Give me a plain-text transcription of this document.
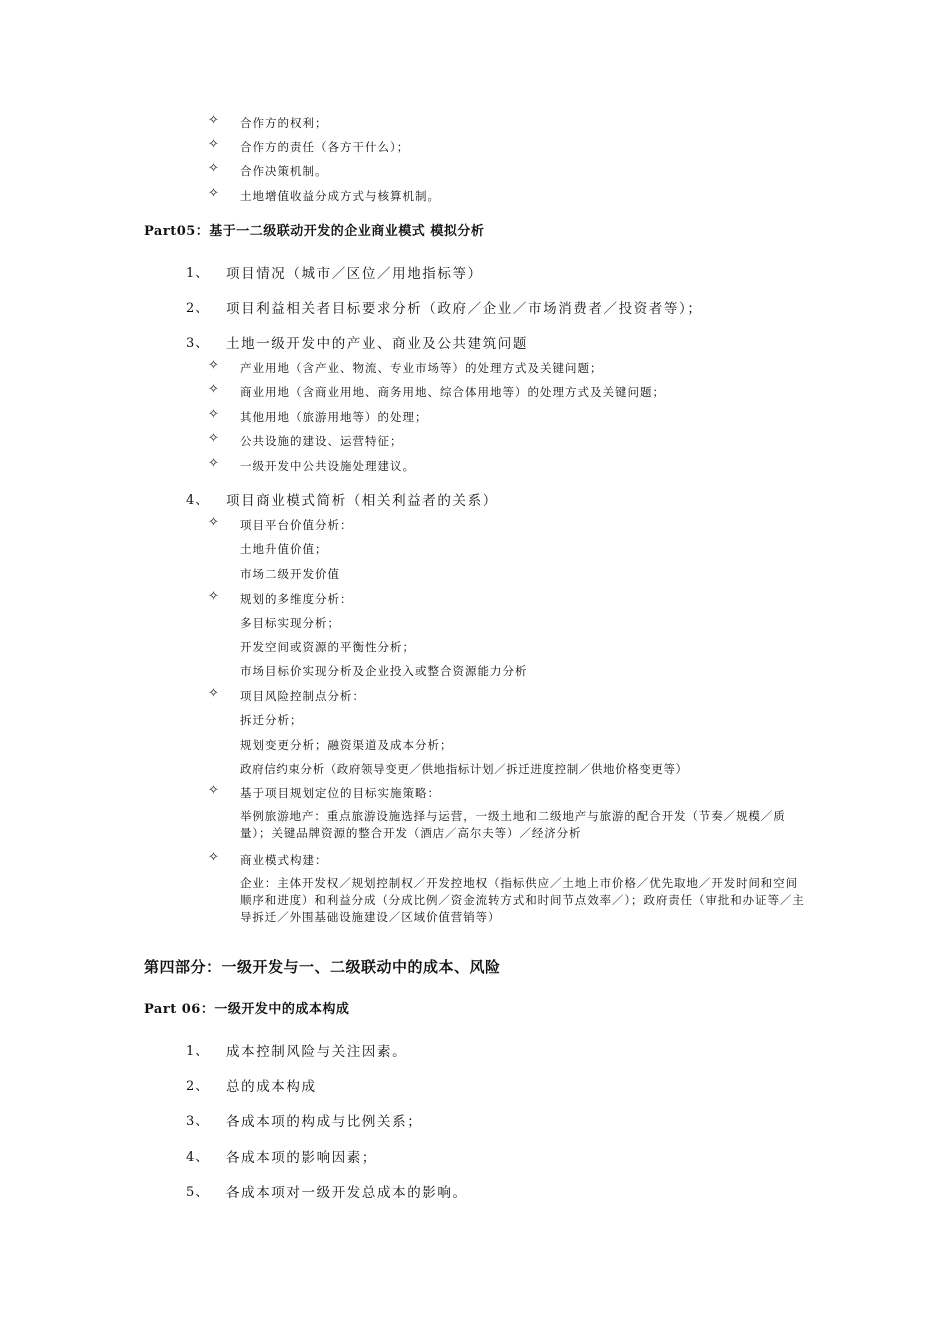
✧ 合作方的权利；
✧ 合作方的责任（各方干什么）；
✧ 合作决策机制。
✧ 土地增值收益分成方式与核算机制。
Part05：基于一二级联动开发的企业商业模式 模拟分析
1、 项目情况（城市／区位／用地指标等）
2、 项目利益相关者目标要求分析（政府／企业／市场消费者／投资者等）；
3、 土地一级开发中的产业、商业及公共建筑问题
✧ 产业用地（含产业、物流、专业市场等）的处理方式及关键问题；
✧ 商业用地（含商业用地、商务用地、综合体用地等）的处理方式及关键问题；
✧ 其他用地（旅游用地等）的处理；
✧ 公共设施的建设、运营特征；
✧ 一级开发中公共设施处理建议。
4、 项目商业模式简析（相关利益者的关系）
✧ 项目平台价值分析：
土地升值价值；
市场二级开发价值
✧ 规划的多维度分析：
多目标实现分析；
开发空间或资源的平衡性分析；
市场目标价实现分析及企业投入或整合资源能力分析
✧ 项目风险控制点分析：
拆迁分析；
规划变更分析；融资渠道及成本分析；
政府信约束分析（政府领导变更／供地指标计划／拆迁进度控制／供地价格变更等）
✧ 基于项目规划定位的目标实施策略：
举例旅游地产：重点旅游设施选择与运营，一级土地和二级地产与旅游的配合开发（节奏／规模／质量）；关键品牌资源的整合开发（酒店／高尔夫等）／经济分析
✧ 商业模式构建：
企业：主体开发权／规划控制权／开发控地权（指标供应／土地上市价格／优先取地／开发时间和空间顺序和进度）和利益分成（分成比例／资金流转方式和时间节点效率／）；政府责任（审批和办证等／主导拆迁／外围基础设施建设／区域价值营销等）
第四部分：一级开发与一、二级联动中的成本、风险
Part 06：一级开发中的成本构成
1、 成本控制风险与关注因素。
2、 总的成本构成
3、 各成本项的构成与比例关系；
4、 各成本项的影响因素；
5、 各成本项对一级开发总成本的影响。
